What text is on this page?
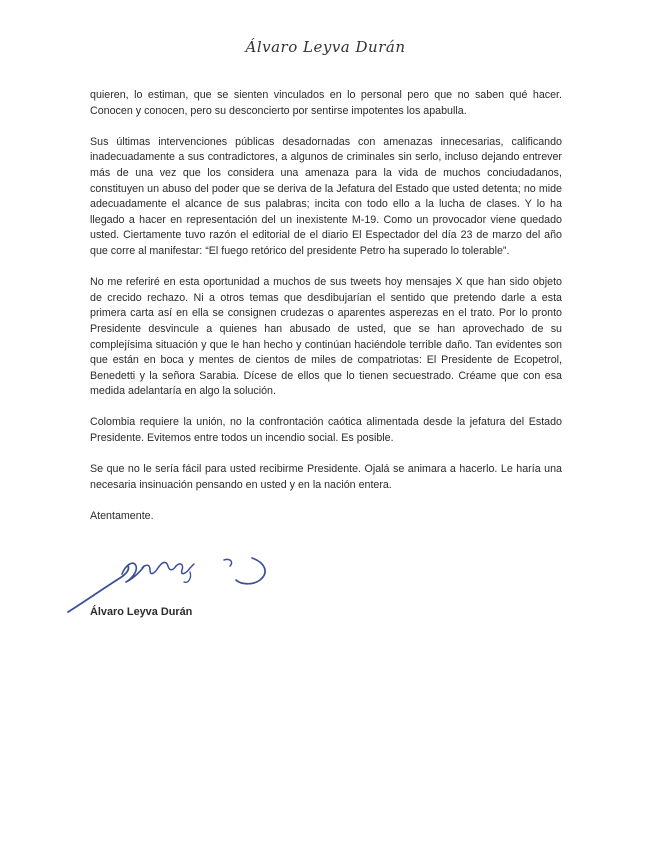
Álvaro Leyva Durán

quieren, lo estiman, que se sienten vinculados en lo personal pero que no saben qué hacer. Conocen y conocen, pero su desconcierto por sentirse impotentes los apabulla.

Sus últimas intervenciones públicas desadornadas con amenazas innecesarias, calificando inadecuadamente a sus contradictores, a algunos de criminales sin serlo, incluso dejando entrever más de una vez que los considera una amenaza para la vida de muchos conciudadanos, constituyen un abuso del poder que se deriva de la Jefatura del Estado que usted detenta; no mide adecuadamente el alcance de sus palabras; incita con todo ello a la lucha de clases. Y lo ha llegado a hacer en representación del un inexistente M-19. Como un provocador viene quedado usted. Ciertamente tuvo razón el editorial de el diario El Espectador del día 23 de marzo del año que corre al manifestar: “El fuego retórico del presidente Petro ha superado lo tolerable”.

No me referiré en esta oportunidad a muchos de sus tweets hoy mensajes X que han sido objeto de crecido rechazo. Ni a otros temas que desdibujarían el sentido que pretendo darle a esta primera carta así en ella se consignen crudezas o aparentes asperezas en el trato. Por lo pronto Presidente desvincule a quienes han abusado de usted, que se han aprovechado de su complejísima situación y que le han hecho y continúan haciéndole terrible daño. Tan evidentes son que están en boca y mentes de cientos de miles de compatriotas: El Presidente de Ecopetrol, Benedetti y la señora Sarabia. Dícese de ellos que lo tienen secuestrado. Créame que con esa medida adelantaría en algo la solución.

Colombia requiere la unión, no la confrontación caótica alimentada desde la jefatura del Estado Presidente. Evitemos entre todos un incendio social. Es posible.

Se que no le sería fácil para usted recibirme Presidente. Ojalá se animara a hacerlo. Le haría una necesaria insinuación pensando en usted y en la nación entera.

Atentamente.

Álvaro Leyva Durán
